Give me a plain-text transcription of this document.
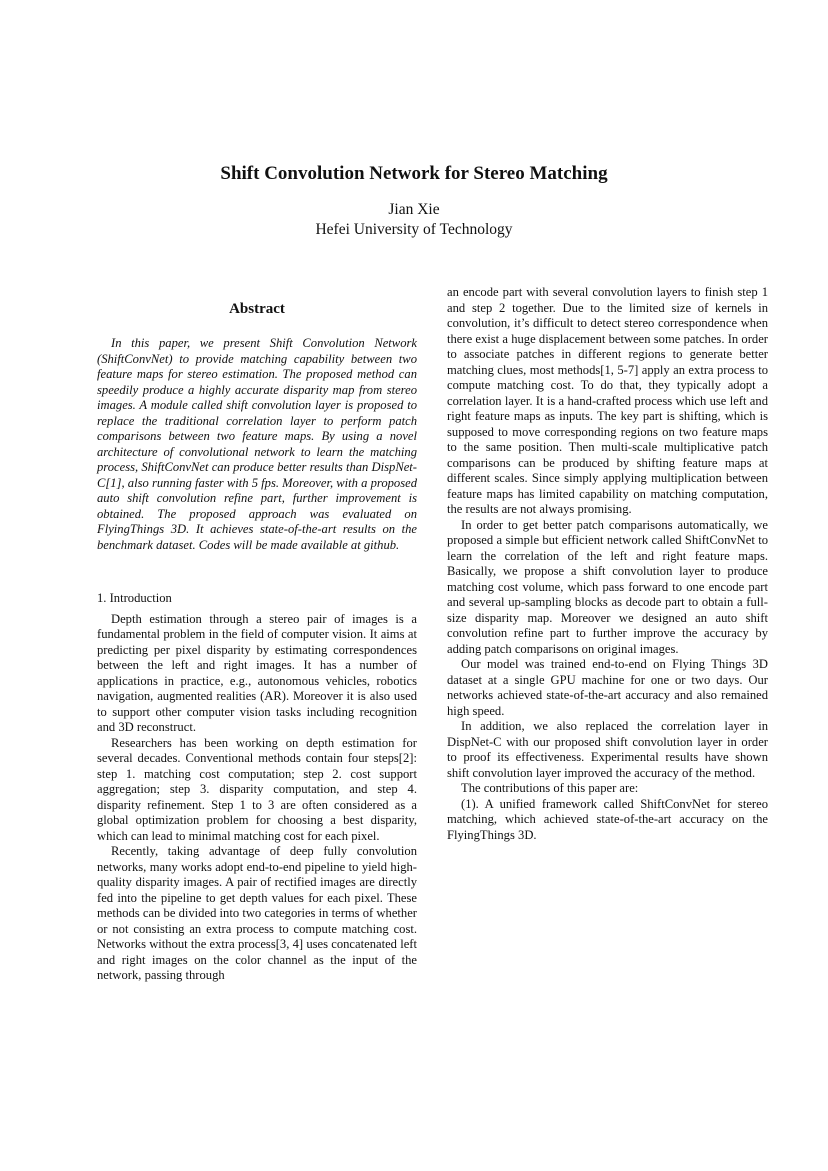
Shift Convolution Network for Stereo Matching
Jian Xie
Hefei University of Technology
Abstract

In this paper, we present Shift Convolution Network (ShiftConvNet) to provide matching capability between two feature maps for stereo estimation. The proposed method can speedily produce a highly accurate disparity map from stereo images. A module called shift convolution layer is proposed to replace the traditional correlation layer to perform patch comparisons between two feature maps. By using a novel architecture of convolutional network to learn the matching process, ShiftConvNet can produce better results than DispNet-C[1], also running faster with 5 fps. Moreover, with a proposed auto shift convolution refine part, further improvement is obtained. The proposed approach was evaluated on FlyingThings 3D. It achieves state-of-the-art results on the benchmark dataset. Codes will be made available at github.

1. Introduction

Depth estimation through a stereo pair of images is a fundamental problem in the field of computer vision. It aims at predicting per pixel disparity by estimating correspondences between the left and right images. It has a number of applications in practice, e.g., autonomous vehicles, robotics navigation, augmented realities (AR). Moreover it is also used to support other computer vision tasks including recognition and 3D reconstruct.

Researchers has been working on depth estimation for several decades. Conventional methods contain four steps[2]: step 1. matching cost computation; step 2. cost support aggregation; step 3. disparity computation, and step 4. disparity refinement. Step 1 to 3 are often considered as a global optimization problem for choosing a best disparity, which can lead to minimal matching cost for each pixel.

Recently, taking advantage of deep fully convolution networks, many works adopt end-to-end pipeline to yield high-quality disparity images. A pair of rectified images are directly fed into the pipeline to get depth values for each pixel. These methods can be divided into two categories in terms of whether or not consisting an extra process to compute matching cost. Networks without the extra process[3, 4] uses concatenated left and right images on the color channel as the input of the network, passing through

an encode part with several convolution layers to finish step 1 and step 2 together. Due to the limited size of kernels in convolution, it’s difficult to detect stereo correspondence when there exist a huge displacement between some patches. In order to associate patches in different regions to generate better matching clues, most methods[1, 5-7] apply an extra process to compute matching cost. To do that, they typically adopt a correlation layer. It is a hand-crafted process which use left and right feature maps as inputs. The key part is shifting, which is supposed to move corresponding regions on two feature maps to the same position. Then multi-scale multiplicative patch comparisons can be produced by shifting feature maps at different scales. Since simply applying multiplication between feature maps has limited capability on matching computation, the results are not always promising.

In order to get better patch comparisons automatically, we proposed a simple but efficient network called ShiftConvNet to learn the correlation of the left and right feature maps. Basically, we propose a shift convolution layer to produce matching cost volume, which pass forward to one encode part and several up-sampling blocks as decode part to obtain a full-size disparity map. Moreover we designed an auto shift convolution refine part to further improve the accuracy by adding patch comparisons on original images.

Our model was trained end-to-end on Flying Things 3D dataset at a single GPU machine for one or two days. Our networks achieved state-of-the-art accuracy and also remained high speed.

In addition, we also replaced the correlation layer in DispNet-C with our proposed shift convolution layer in order to proof its effectiveness. Experimental results have shown shift convolution layer improved the accuracy of the method.

The contributions of this paper are:

(1). A unified framework called ShiftConvNet for stereo matching, which achieved state-of-the-art accuracy on the FlyingThings 3D.
